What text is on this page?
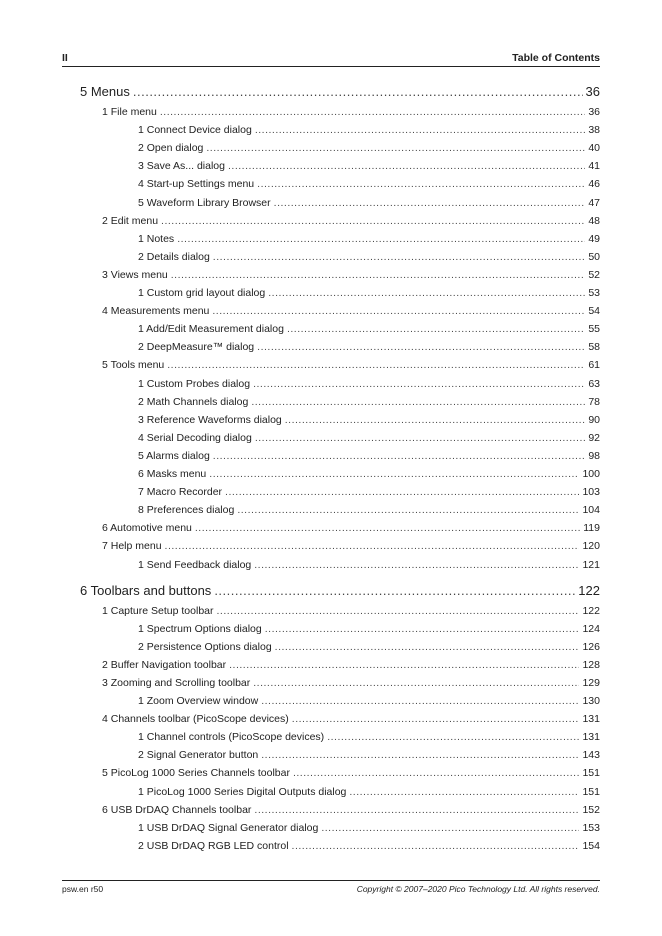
II	Table of Contents
5 Menus .....	36
1 File menu .....	36
1 Connect Device dialog .....	38
2 Open dialog .....	40
3 Save As... dialog .....	41
4 Start-up Settings menu .....	46
5 Waveform Library Browser .....	47
2 Edit menu .....	48
1 Notes .....	49
2 Details dialog .....	50
3 Views menu .....	52
1 Custom grid layout dialog .....	53
4 Measurements menu .....	54
1 Add/Edit Measurement dialog .....	55
2 DeepMeasure™ dialog .....	58
5 Tools menu .....	61
1 Custom Probes dialog .....	63
2 Math Channels dialog .....	78
3 Reference Waveforms dialog .....	90
4 Serial Decoding dialog .....	92
5 Alarms dialog .....	98
6 Masks menu .....	100
7 Macro Recorder .....	103
8 Preferences dialog .....	104
6 Automotive menu .....	119
7 Help menu .....	120
1 Send Feedback dialog .....	121
6 Toolbars and buttons .....	122
1 Capture Setup toolbar .....	122
1 Spectrum Options dialog .....	124
2 Persistence Options dialog .....	126
2 Buffer Navigation toolbar .....	128
3 Zooming and Scrolling toolbar .....	129
1 Zoom Overview window .....	130
4 Channels toolbar (PicoScope devices) .....	131
1 Channel controls (PicoScope devices) .....	131
2 Signal Generator button .....	143
5 PicoLog 1000 Series Channels toolbar .....	151
1 PicoLog 1000 Series Digital Outputs dialog .....	151
6 USB DrDAQ Channels toolbar .....	152
1 USB DrDAQ Signal Generator dialog .....	153
2 USB DrDAQ RGB LED control .....	154
psw.en r50	Copyright © 2007–2020 Pico Technology Ltd. All rights reserved.
